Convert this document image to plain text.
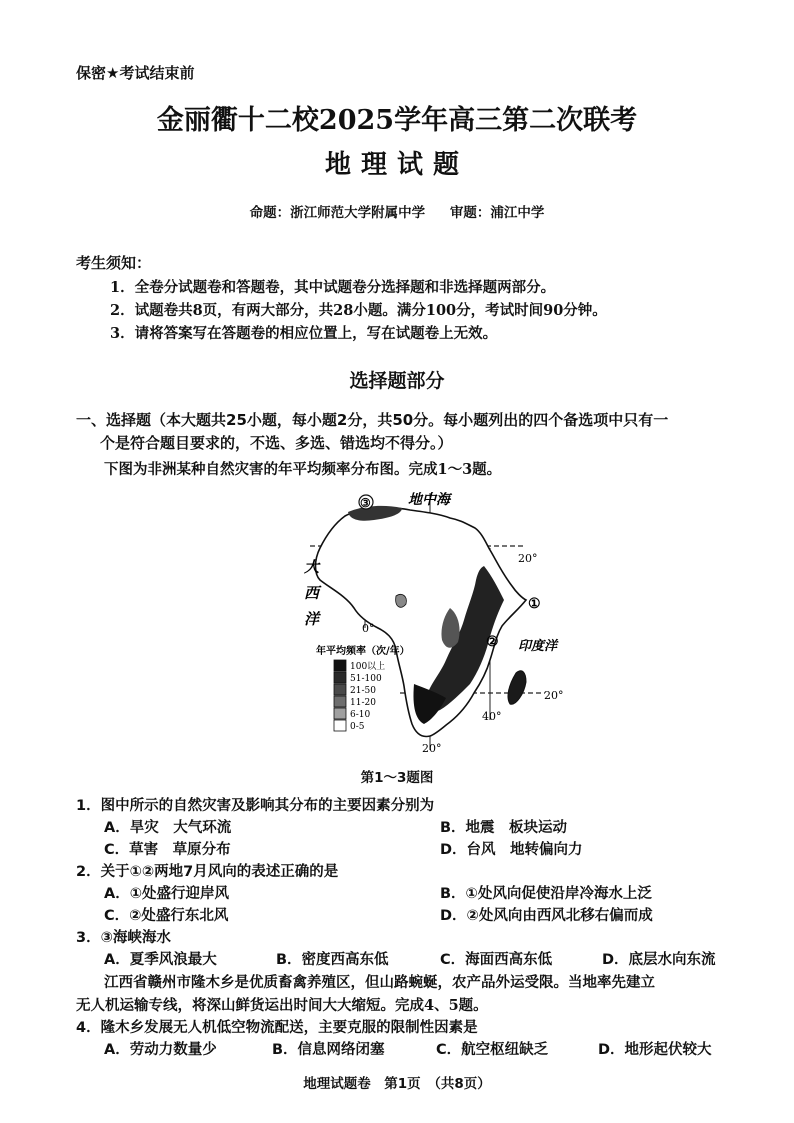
保密★考试结束前
金丽衢十二校2025学年高三第二次联考
地理试题
命题：浙江师范大学附属中学 审题：浦江中学
考生须知：
1．全卷分试题卷和答题卷，其中试题卷分选择题和非选择题两部分。
2．试题卷共8页，有两大部分，共28小题。满分100分，考试时间90分钟。
3．请将答案写在答题卷的相应位置上，写在试题卷上无效。
选择题部分
一、选择题（本大题共25小题，每小题2分，共50分。每小题列出的四个备选项中只有一
个是符合题目要求的，不选、多选、错选均不得分。）
下图为非洲某种自然灾害的年平均频率分布图。完成1～3题。
③
①
②
地中海
大
西
洋
印度洋
20°
0°
20°
20°
40°
年平均频率（次/年）
100以上
51-100
21-50
11-20
6-10
0-5
第1～3题图
1．图中所示的自然灾害及影响其分布的主要因素分别为
A．旱灾　大气环流	B．地震　板块运动
C．草害　草原分布	D．台风　地转偏向力
2．关于①②两地7月风向的表述正确的是
A．①处盛行迎岸风	B．①处风向促使沿岸冷海水上泛
C．②处盛行东北风	D．②处风向由西风北移右偏而成
3．③海峡海水
A．夏季风浪最大	B．密度西高东低	C．海面西高东低	D．底层水向东流
江西省赣州市隆木乡是优质畜禽养殖区，但山路蜿蜒，农产品外运受限。当地率先建立
无人机运输专线，将深山鲜货运出时间大大缩短。完成4、5题。
4．隆木乡发展无人机低空物流配送，主要克服的限制性因素是
A．劳动力数量少	B．信息网络闭塞	C．航空枢纽缺乏	D．地形起伏较大
地理试题卷　第1页　（共8页）
